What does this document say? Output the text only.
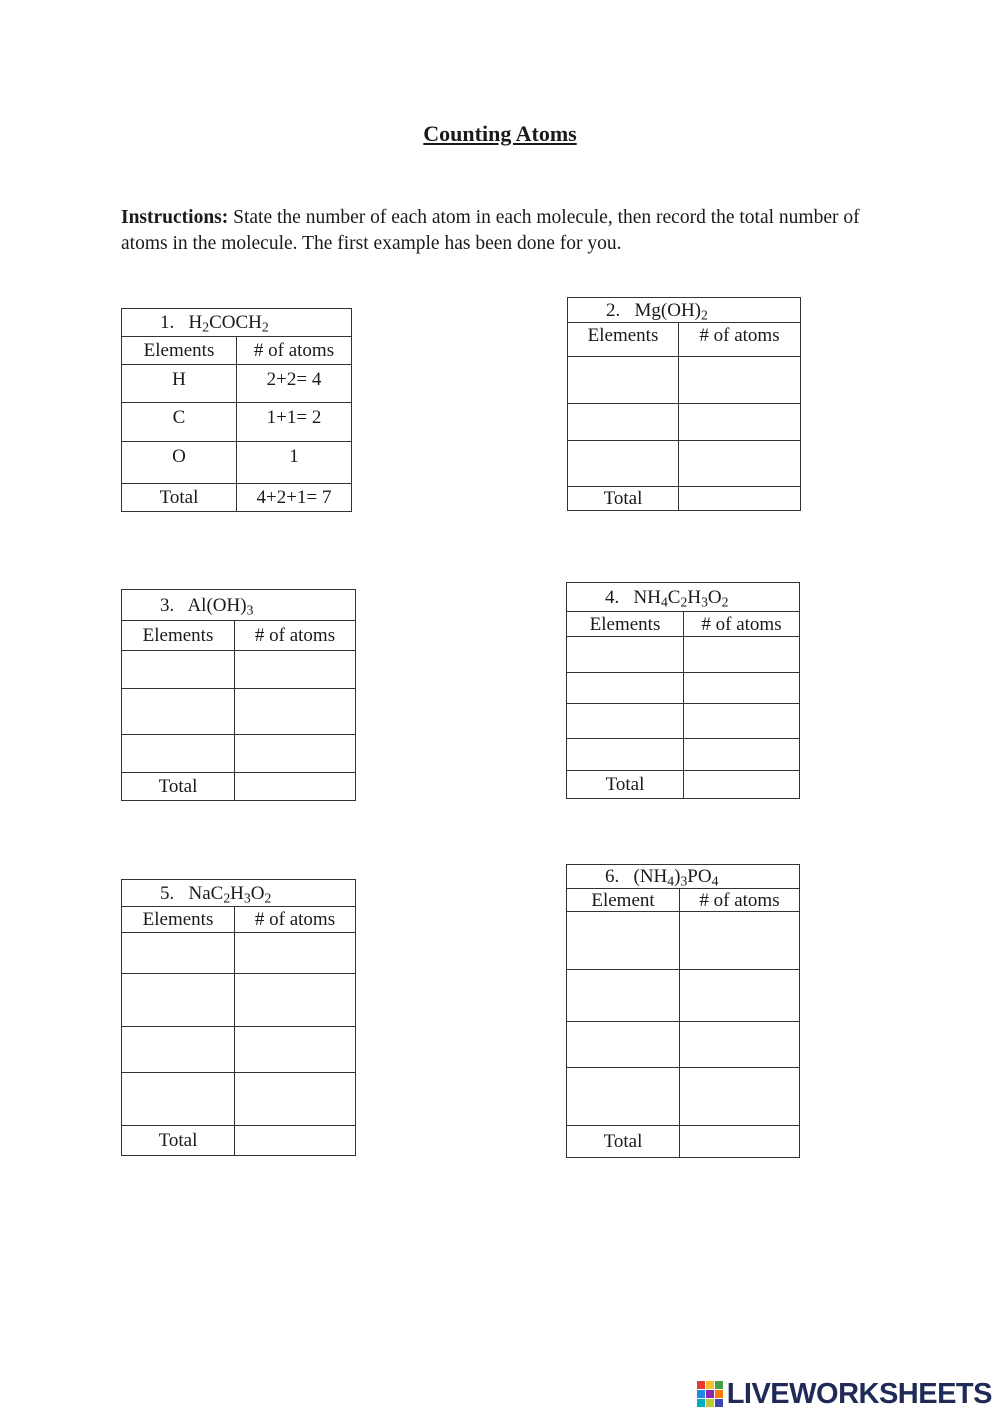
Counting Atoms
Instructions: State the number of each atom in each molecule, then record the total number of atoms in the molecule. The first example has been done for you.
1. $H_2COCH_2$
Elements	# of atoms
H	2+2= 4
C	1+1= 2
O	1
Total	4+2+1= 7
2. $Mg(OH)_2$
Elements	# of atoms

Total	
3. $Al(OH)_3$
Elements	# of atoms

Total	
4. $NH_4C_2H_3O_2$
Elements	# of atoms

Total	
5. $NaC_2H_3O_2$
Elements	# of atoms

Total	
6. $(NH_4)_3PO_4$
Element	# of atoms

Total	
LIVEWORKSHEETS
